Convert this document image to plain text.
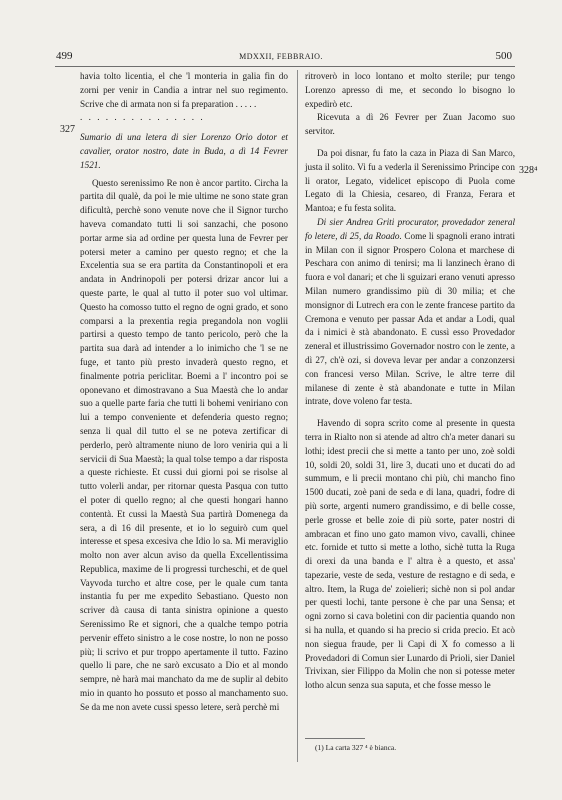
499	MDXXII, FEBBRAIO.	500
327
328⁴

havia tolto licentia, el che 'l monteria in galia fin do zorni per venir in Candia a intrar nel suo regimento. Scrive che di armata non si fa preparation . . . . .

. . . . . . . . . . . . . . .

Sumario di una letera di sier Lorenzo Orio dotor et cavalier, orator nostro, date in Buda, a dì 14 Fevrer 1521.

Questo serenissimo Re non è ancor partito. Circha la partita dil qualè, da poi le mie ultime ne sono state gran dificultà, perchè sono venute nove che il Signor turcho haveva comandato tutti li soi sanzachi, che posono portar arme sia ad ordine per questa luna de Fevrer per potersi meter a camino per questo regno; et che la Excelentia sua se era partita da Constantinopoli et era andata in Andrinopoli per potersi drizar ancor lui a queste parte, le qual al tutto il poter suo vol ultimar. Questo ha comosso tutto el regno de ogni grado, et sono comparsi a la prexentia regia pregandola non voglii partirsi a questo tempo de tanto pericolo, però che la partita sua darà ad intender a lo inimicho che 'l se ne fuge, et tanto più presto invaderà questo regno, et finalmente potria periclitar. Boemi a l' incontro poi se oponevano et dimostravano a Sua Maestà che lo andar suo a quelle parte faria che tutti li bohemi veniriano con lui a tempo conveniente et defenderia questo regno; senza li qual dil tutto el se ne poteva zertificar di perderlo, però altramente niuno de loro veniria qui a li servicii di Sua Maestà; la qual tolse tempo a dar risposta a queste richieste. Et cussi dui giorni poi se risolse al tutto volerli andar, per ritornar questa Pasqua con tutto el poter di quello regno; al che questi hongari hanno contentà. Et cussi la Maestà Sua partirà Domenega da sera, a dì 16 dil presente, et io lo seguirò cum quel interesse et spesa excesiva che Idio lo sa. Mi meraviglio molto non aver alcun aviso da quella Excellentissima Republica, maxime de li progressi turcheschi, et de quel Vayvoda turcho et altre cose, per le quale cum tanta instantia fu per me expedito Sebastiano. Questo non scriver dà causa di tanta sinistra opinione a questo Serenissimo Re et signori, che a qualche tempo potria pervenir effeto sinistro a le cose nostre, lo non ne posso più; li scrivo et pur troppo apertamente il tutto. Fazino quello li pare, che ne sarò excusato a Dio et al mondo sempre, nè harà mai manchato da me de suplir al debito mio in quanto ho possuto et posso al manchamento suo. Se da me non avete cussi spesso letere, serà perchè mi

ritroverò in loco lontano et molto sterile; pur tengo Lorenzo apresso di me, et secondo lo bisogno lo expedirò etc.

Ricevuta a dì 26 Fevrer per Zuan Jacomo suo servitor.

Da poi disnar, fu fato la caza in Piaza di San Marco, justa il solito. Vi fu a vederla il Serenissimo Principe con li orator, Legato, videlicet episcopo di Puola come Legato di la Chiesia, cesareo, di Franza, Ferara et Mantoa; e fu festa solita.

Di sier Andrea Griti procurator, provedador zeneral fo letere, di 25, da Roado. Come li spagnoli erano intrati in Milan con il signor Prospero Colona et marchese di Peschara con animo di tenirsi; ma li lanzinech èrano di fuora e vol danari; et che li sguizari erano venuti apresso Milan numero grandissimo più di 30 milia; et che monsignor di Lutrech era con le zente francese partito da Cremona e venuto per passar Ada et andar a Lodi, qual da i nimici è stà abandonato. E cussì esso Provedador zeneral et illustrissimo Governador nostro con le zente, a dì 27, ch'è ozi, si doveva levar per andar a conzonzersi con francesi verso Milan. Scrive, le altre terre dil milanese di zente è stà abandonate e tutte in Milan intrate, dove voleno far testa.

Havendo di sopra scrito come al presente in questa terra in Rialto non si atende ad altro ch'a meter danari su lothi; idest precii che si mette a tanto per uno, zoè soldi 10, soldi 20, soldi 31, lire 3, ducati uno et ducati do ad summum, e li precii montano chi più, chi mancho fino 1500 ducati, zoè pani de seda e di lana, quadri, fodre di più sorte, argenti numero grandissimo, e di belle cosse, perle grosse et belle zoie di più sorte, pater nostri di ambracan et fino uno gato mamon vivo, cavalli, chinee etc. fornide et tutto si mette a lotho, sichè tutta la Ruga di orexi da una banda e l' altra è a questo, et assa' tapezarie, veste de seda, vesture de restagno e di seda, e altro. Item, la Ruga de' zoielieri; sichè non si pol andar per questi lochi, tante persone è che par una Sensa; et ogni zorno si cava boletini con dir pacientia quando non si ha nulla, et quando si ha precio si crida precio. Et acò non siegua fraude, per li Capi di X fo comesso a li Provedadori di Comun sier Lunardo di Prioli, sier Daniel Trivixan, sier Filippo da Molin che non si potesse meter lotho alcun senza sua saputa, et che fosse messo le

(1) La carta 327 ⁴ è bianca.
